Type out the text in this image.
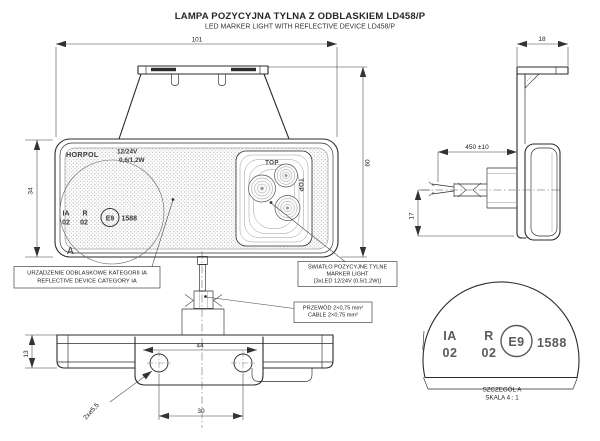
LAMPA POZYCYJNA TYLNA Z ODBLASKIEM LD458/P
LED MARKER LIGHT WITH REFLECTIVE DEVICE LD458/P
101
60
34
HORPOL	12/24V
0,6/1,2W
IA
02
R
02
E9 1588
TOP
TOP
A
13
44
30
2x⌀5,5
18
450 ±10
17
URZĄDZENIE ODBLASKOWE KATEGORII IA
REFLECTIVE DEVICE CATEGORY IA
ŚWIATŁO POZYCYJNE TYLNE
MARKER LIGHT
[3xLED 12/24V (0.5/1.2W)]
PRZEWÓD 2×0,75 mm²
CABLE 2×0,75 mm²
IA
02
R
02
E9 1588
SZCZEGÓŁ A
SKALA 4 : 1
